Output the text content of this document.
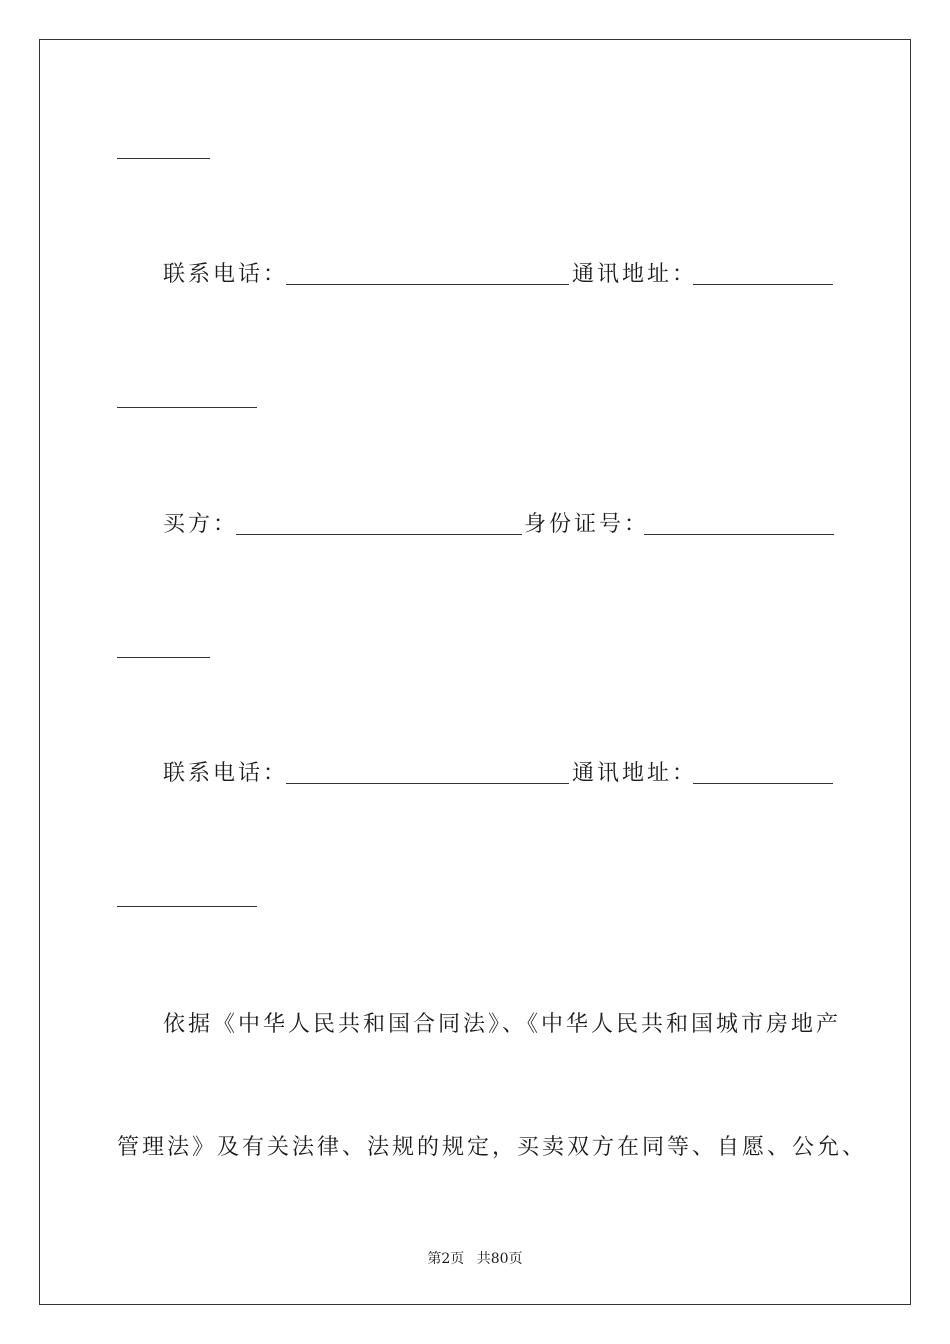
联系电话：	通讯地址：
买方：	身份证号：
联系电话：	通讯地址：
依据《中华人民共和国合同法》、《中华人民共和国城市房地产
管理法》及有关法律、法规的规定，买卖双方在同等、自愿、公允、
第2页 共80页
